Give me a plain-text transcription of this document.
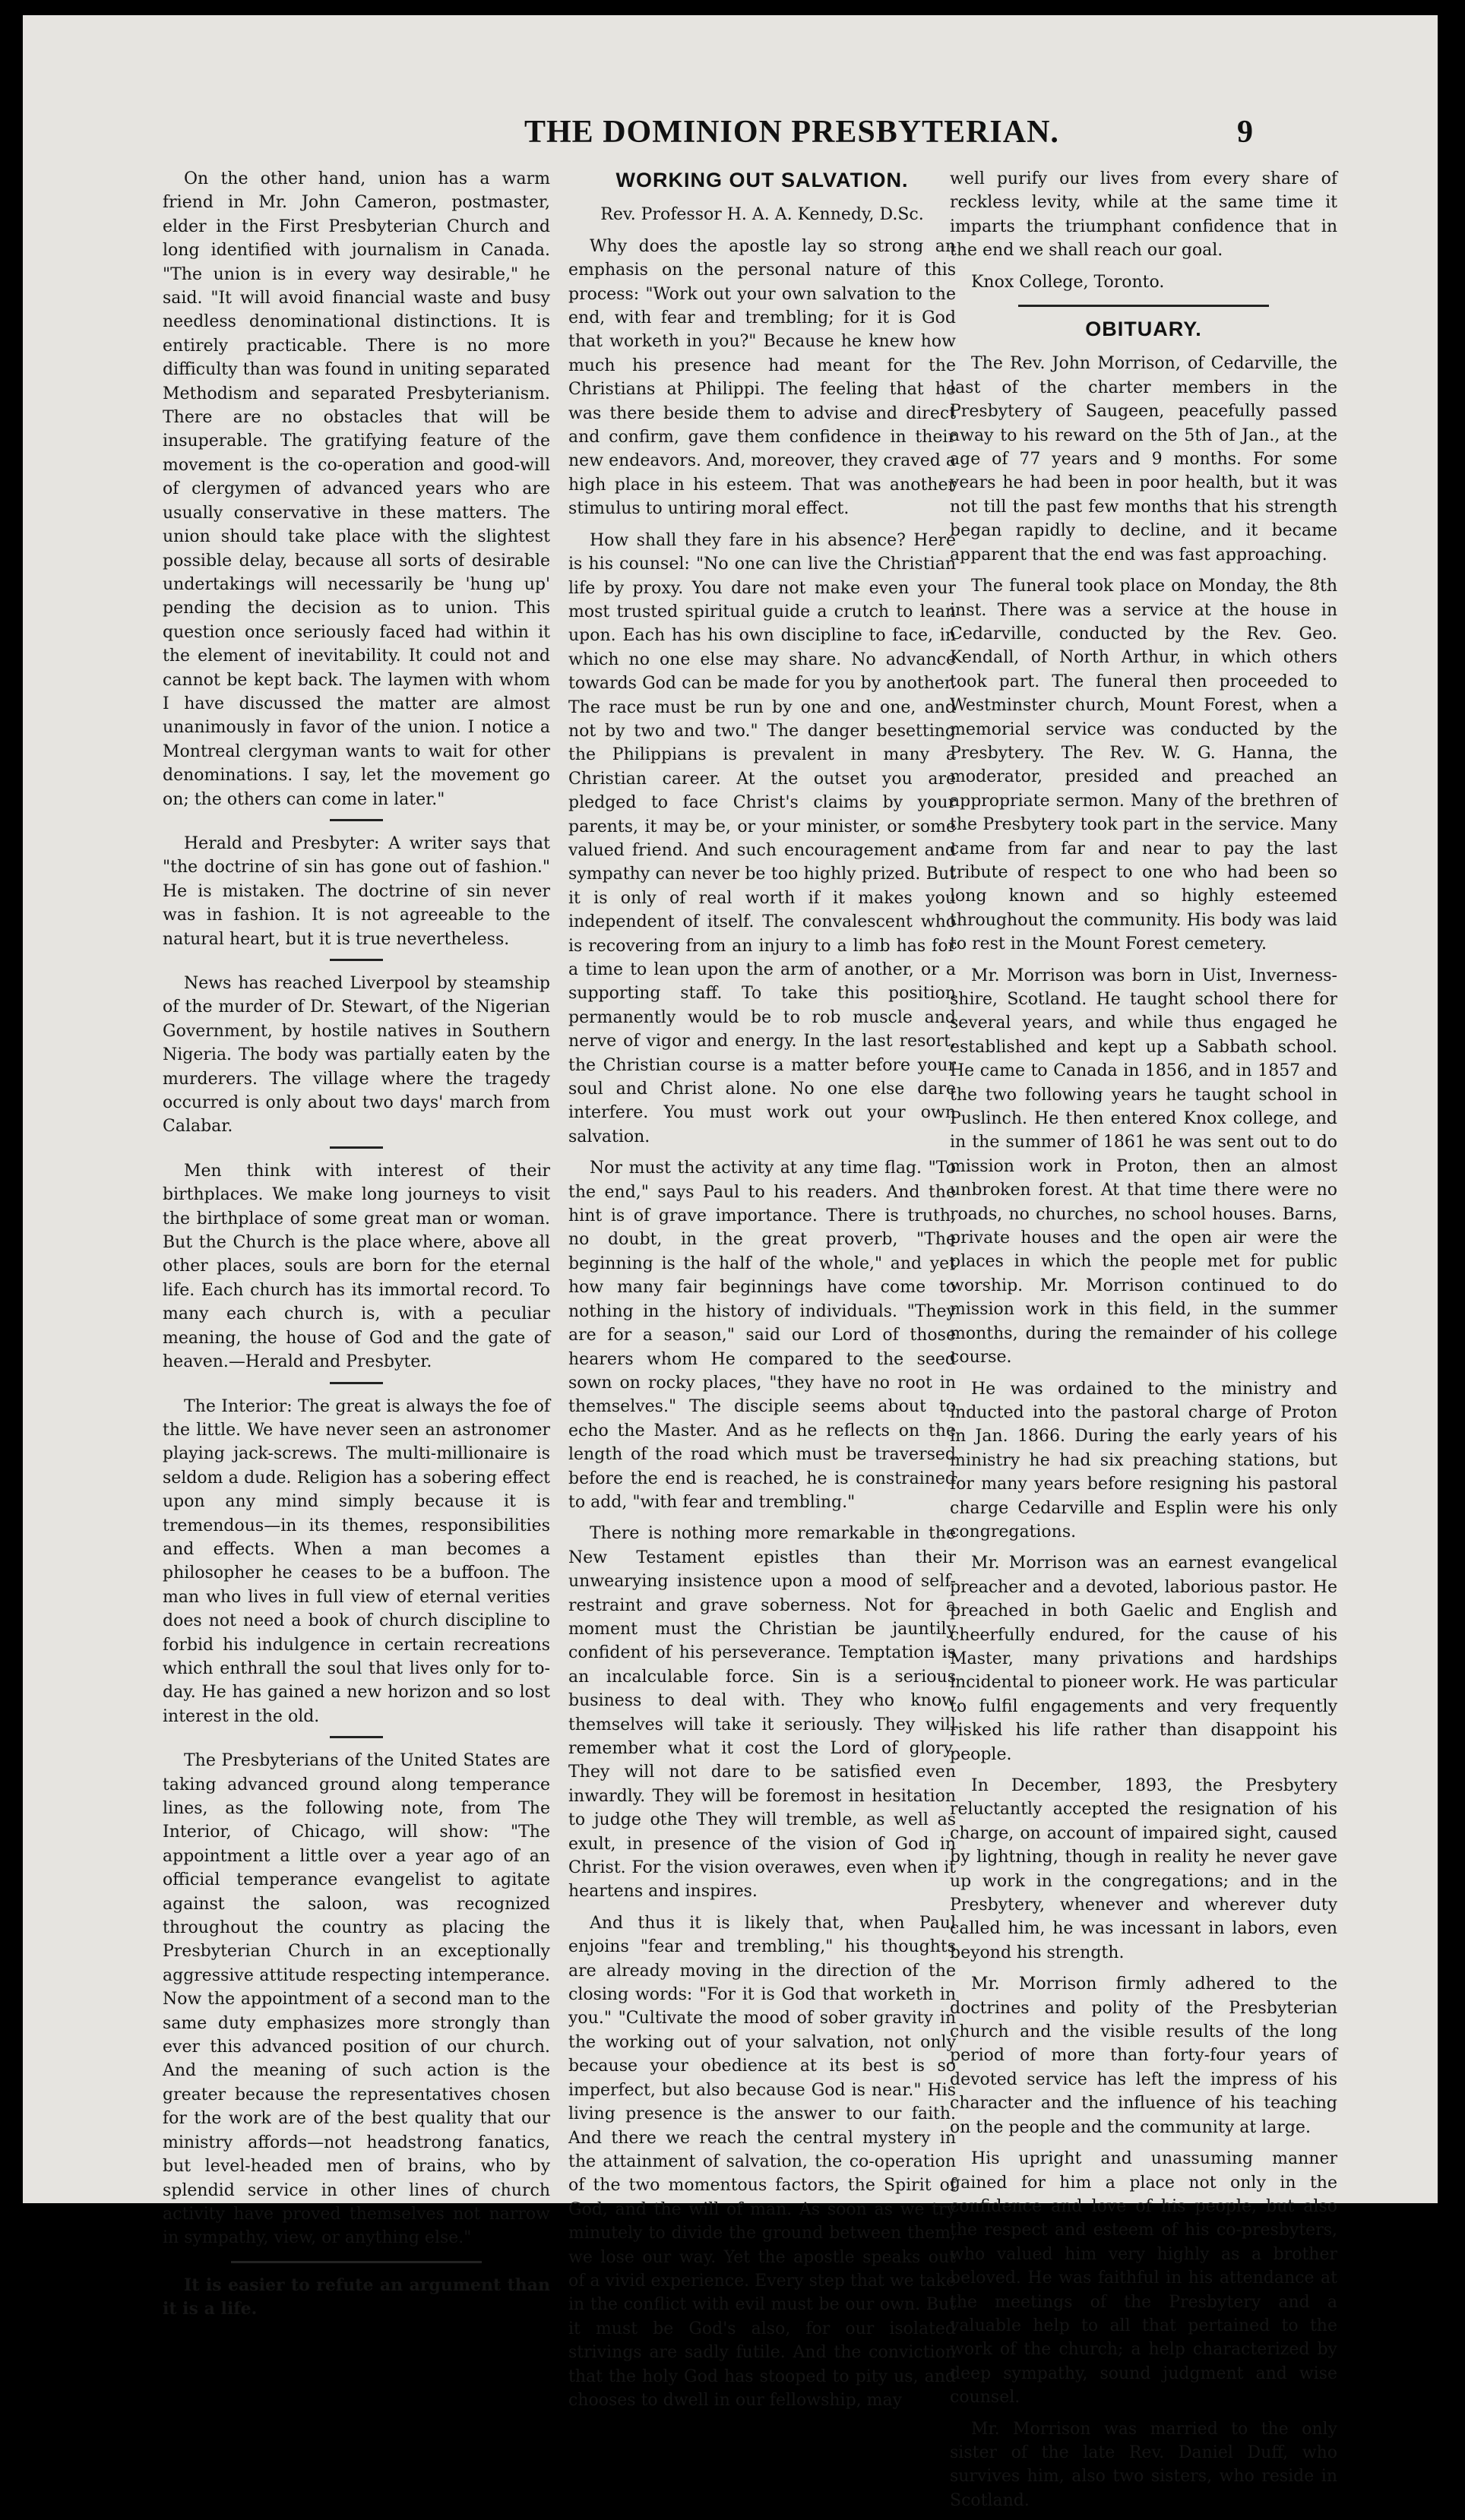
THE DOMINION PRESBYTERIAN.	9

On the other hand, union has a warm friend in Mr. John Cameron, postmaster, elder in the First Presbyterian Church and long identified with journalism in Canada. "The union is in every way desirable," he said. "It will avoid financial waste and busy needless denominational distinctions. It is entirely practicable. There is no more difficulty than was found in uniting separated Methodism and separated Presbyterianism. There are no obstacles that will be insuperable. The gratifying feature of the movement is the co-operation and good-will of clergymen of advanced years who are usually conservative in these matters. The union should take place with the slightest possible delay, because all sorts of desirable undertakings will necessarily be 'hung up' pending the decision as to union. This question once seriously faced had within it the element of inevitability. It could not and cannot be kept back. The laymen with whom I have discussed the matter are almost unanimously in favor of the union. I notice a Montreal clergyman wants to wait for other denominations. I say, let the movement go on; the others can come in later."

Herald and Presbyter: A writer says that "the doctrine of sin has gone out of fashion." He is mistaken. The doctrine of sin never was in fashion. It is not agreeable to the natural heart, but it is true nevertheless.

News has reached Liverpool by steamship of the murder of Dr. Stewart, of the Nigerian Government, by hostile natives in Southern Nigeria. The body was partially eaten by the murderers. The village where the tragedy occurred is only about two days' march from Calabar.

Men think with interest of their birthplaces. We make long journeys to visit the birthplace of some great man or woman. But the Church is the place where, above all other places, souls are born for the eternal life. Each church has its immortal record. To many each church is, with a peculiar meaning, the house of God and the gate of heaven.—Herald and Presbyter.

The Interior: The great is always the foe of the little. We have never seen an astronomer playing jack-screws. The multi-millionaire is seldom a dude. Religion has a sobering effect upon any mind simply because it is tremendous—in its themes, responsibilities and effects. When a man becomes a philosopher he ceases to be a buffoon. The man who lives in full view of eternal verities does not need a book of church discipline to forbid his indulgence in certain recreations which enthrall the soul that lives only for to-day. He has gained a new horizon and so lost interest in the old.

The Presbyterians of the United States are taking advanced ground along temperance lines, as the following note, from The Interior, of Chicago, will show: "The appointment a little over a year ago of an official temperance evangelist to agitate against the saloon, was recognized throughout the country as placing the Presbyterian Church in an exceptionally aggressive attitude respecting intemperance. Now the appointment of a second man to the same duty emphasizes more strongly than ever this advanced position of our church. And the meaning of such action is the greater because the representatives chosen for the work are of the best quality that our ministry affords—not headstrong fanatics, but level-headed men of brains, who by splendid service in other lines of church activity have proved themselves not narrow in sympathy, view, or anything else."

It is easier to refute an argument than it is a life.

WORKING OUT SALVATION.
Rev. Professor H. A. A. Kennedy, D.Sc.

Why does the apostle lay so strong an emphasis on the personal nature of this process: "Work out your own salvation to the end, with fear and trembling; for it is God that worketh in you?" Because he knew how much his presence had meant for the Christians at Philippi. The feeling that he was there beside them to advise and direct and confirm, gave them confidence in their new endeavors. And, moreover, they craved a high place in his esteem. That was another stimulus to untiring moral effect.

How shall they fare in his absence? Here is his counsel: "No one can live the Christian life by proxy. You dare not make even your most trusted spiritual guide a crutch to lean upon. Each has his own discipline to face, in which no one else may share. No advance towards God can be made for you by another. The race must be run by one and one, and not by two and two." The danger besetting the Philippians is prevalent in many a Christian career. At the outset you are pledged to face Christ's claims by your parents, it may be, or your minister, or some valued friend. And such encouragement and sympathy can never be too highly prized. But it is only of real worth if it makes you independent of itself. The convalescent who is recovering from an injury to a limb has for a time to lean upon the arm of another, or a supporting staff. To take this position permanently would be to rob muscle and nerve of vigor and energy. In the last resort, the Christian course is a matter before your soul and Christ alone. No one else dare interfere. You must work out your own salvation.

Nor must the activity at any time flag. "To the end," says Paul to his readers. And the hint is of grave importance. There is truth, no doubt, in the great proverb, "The beginning is the half of the whole," and yet how many fair beginnings have come to nothing in the history of individuals. "They are for a season," said our Lord of those hearers whom He compared to the seed sown on rocky places, "they have no root in themselves." The disciple seems about to echo the Master. And as he reflects on the length of the road which must be traversed before the end is reached, he is constrained to add, "with fear and trembling."

There is nothing more remarkable in the New Testament epistles than their unwearying insistence upon a mood of self-restraint and grave soberness. Not for a moment must the Christian be jauntily confident of his perseverance. Temptation is an incalculable force. Sin is a serious business to deal with. They who know themselves will take it seriously. They will remember what it cost the Lord of glory. They will not dare to be satisfied even inwardly. They will be foremost in hesitation to judge othe They will tremble, as well as exult, in presence of the vision of God in Christ. For the vision overawes, even when it heartens and inspires.

And thus it is likely that, when Paul enjoins "fear and trembling," his thoughts are already moving in the direction of the closing words: "For it is God that worketh in you." "Cultivate the mood of sober gravity in the working out of your salvation, not only because your obedience at its best is so imperfect, but also because God is near." His living presence is the answer to our faith. And there we reach the central mystery in the attainment of salvation, the co-operation of the two momentous factors, the Spirit of God, and the will of man. As soon as we try minutely to divide the ground between them, we lose our way. Yet the apostle speaks out of a vivid experience. Every step that we take in the conflict with evil must be our own. But it must be God's also, for our isolated strivings are sadly futile. And the conviction that the holy God has stooped to pity us, and chooses to dwell in our fellowship, may

well purify our lives from every share of reckless levity, while at the same time it imparts the triumphant confidence that in the end we shall reach our goal.

Knox College, Toronto.
OBITUARY.

The Rev. John Morrison, of Cedarville, the last of the charter members in the Presbytery of Saugeen, peacefully passed away to his reward on the 5th of Jan., at the age of 77 years and 9 months. For some years he had been in poor health, but it was not till the past few months that his strength began rapidly to decline, and it became apparent that the end was fast approaching.

The funeral took place on Monday, the 8th inst. There was a service at the house in Cedarville, conducted by the Rev. Geo. Kendall, of North Arthur, in which others took part. The funeral then proceeded to Westminster church, Mount Forest, when a memorial service was conducted by the Presbytery. The Rev. W. G. Hanna, the moderator, presided and preached an appropriate sermon. Many of the brethren of the Presbytery took part in the service. Many came from far and near to pay the last tribute of respect to one who had been so long known and so highly esteemed throughout the community. His body was laid to rest in the Mount Forest cemetery.

Mr. Morrison was born in Uist, Inverness-shire, Scotland. He taught school there for several years, and while thus engaged he established and kept up a Sabbath school. He came to Canada in 1856, and in 1857 and the two following years he taught school in Puslinch. He then entered Knox college, and in the summer of 1861 he was sent out to do mission work in Proton, then an almost unbroken forest. At that time there were no roads, no churches, no school houses. Barns, private houses and the open air were the places in which the people met for public worship. Mr. Morrison continued to do mission work in this field, in the summer months, during the remainder of his college course.

He was ordained to the ministry and inducted into the pastoral charge of Proton in Jan. 1866. During the early years of his ministry he had six preaching stations, but for many years before resigning his pastoral charge Cedarville and Esplin were his only congregations.

Mr. Morrison was an earnest evangelical preacher and a devoted, laborious pastor. He preached in both Gaelic and English and cheerfully endured, for the cause of his Master, many privations and hardships incidental to pioneer work. He was particular to fulfil engagements and very frequently risked his life rather than disappoint his people.

In December, 1893, the Presbytery reluctantly accepted the resignation of his charge, on account of impaired sight, caused by lightning, though in reality he never gave up work in the congregations; and in the Presbytery, whenever and wherever duty called him, he was incessant in labors, even beyond his strength.

Mr. Morrison firmly adhered to the doctrines and polity of the Presbyterian church and the visible results of the long period of more than forty-four years of devoted service has left the impress of his character and the influence of his teaching on the people and the community at large.

His upright and unassuming manner gained for him a place not only in the confidence and love of his people, but also the respect and esteem of his co-presbyters, who valued him very highly as a brother beloved. He was faithful in his attendance at the meetings of the Presbytery and a valuable help to all that pertained to the work of the church; a help characterized by deep sympathy, sound judgment and wise counsel.

Mr. Morrison was married to the only sister of the late Rev. Daniel Duff, who survives him, also two sisters, who reside in Scotland.
